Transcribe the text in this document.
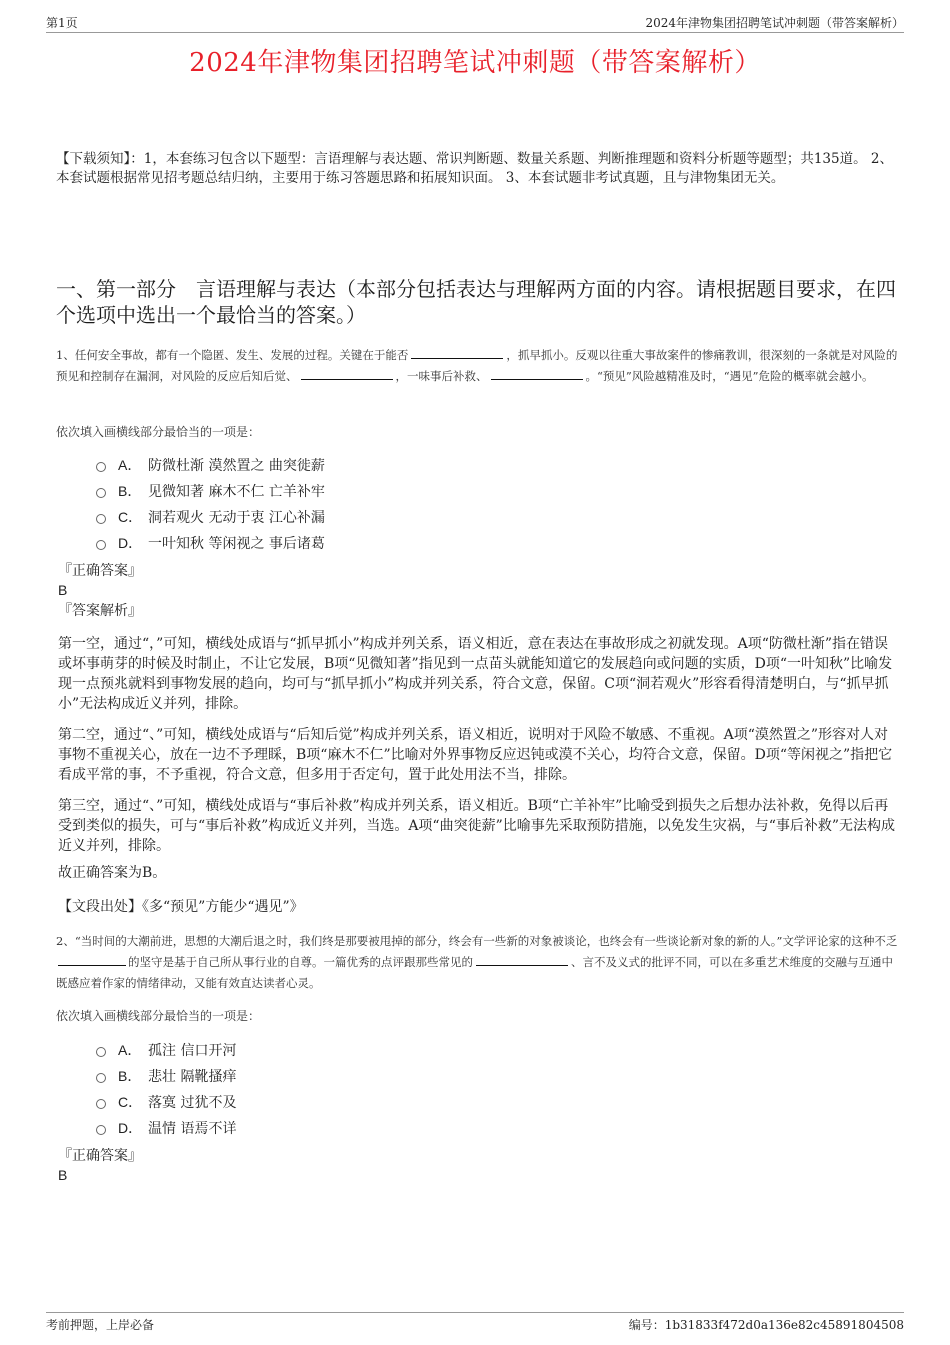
第1页	2024年津物集团招聘笔试冲刺题（带答案解析）
2024年津物集团招聘笔试冲刺题（带答案解析）
【下载须知】：1，本套练习包含以下题型：言语理解与表达题、常识判断题、数量关系题、判断推理题和资料分析题等题型；共135道。 2、本套试题根据常见招考题总结归纳，主要用于练习答题思路和拓展知识面。 3、本套试题非考试真题，且与津物集团无关。
一、第一部分　言语理解与表达（本部分包括表达与理解两方面的内容。请根据题目要求，在四个选项中选出一个最恰当的答案。）
1、任何安全事故，都有一个隐匿、发生、发展的过程。关键在于能否	，抓早抓小。反观以往重大事故案件的惨痛教训，很深刻的一条就是对风险的预见和控制存在漏洞，对风险的反应后知后觉、	，一味事后补救、	。“预见”风险越精准及时，“遇见”危险的概率就会越小。
依次填入画横线部分最恰当的一项是：
A． 防微杜渐 漠然置之 曲突徙薪
B． 见微知著 麻木不仁 亡羊补牢
C． 洞若观火 无动于衷 江心补漏
D． 一叶知秋 等闲视之 事后诸葛
『正确答案』
B
『答案解析』
第一空，通过“，”可知，横线处成语与“抓早抓小”构成并列关系，语义相近，意在表达在事故形成之初就发现。A项“防微杜渐”指在错误或坏事萌芽的时候及时制止，不让它发展，B项“见微知著”指见到一点苗头就能知道它的发展趋向或问题的实质，D项“一叶知秋”比喻发现一点预兆就料到事物发展的趋向，均可与“抓早抓小”构成并列关系，符合文意，保留。C项“洞若观火”形容看得清楚明白，与“抓早抓小”无法构成近义并列，排除。
第二空，通过“、”可知，横线处成语与“后知后觉”构成并列关系，语义相近，说明对于风险不敏感、不重视。A项“漠然置之”形容对人对事物不重视关心，放在一边不予理睬，B项“麻木不仁”比喻对外界事物反应迟钝或漠不关心，均符合文意，保留。D项“等闲视之”指把它看成平常的事，不予重视，符合文意，但多用于否定句，置于此处用法不当，排除。
第三空，通过“、”可知，横线处成语与“事后补救”构成并列关系，语义相近。B项“亡羊补牢”比喻受到损失之后想办法补救，免得以后再受到类似的损失，可与“事后补救”构成近义并列，当选。A项“曲突徙薪”比喻事先采取预防措施，以免发生灾祸，与“事后补救”无法构成近义并列，排除。
故正确答案为B。
【文段出处】《多“预见”方能少“遇见”》
2、“当时间的大潮前进，思想的大潮后退之时，我们终是那要被甩掉的部分，终会有一些新的对象被谈论，也终会有一些谈论新对象的新的人。”文学评论家的这种不乏的坚守是基于自己所从事行业的自尊。一篇优秀的点评跟那些常见的	、言不及义式的批评不同，可以在多重艺术维度的交融与互通中既感应着作家的情绪律动，又能有效直达读者心灵。
依次填入画横线部分最恰当的一项是：
A． 孤注 信口开河
B． 悲壮 隔靴搔痒
C． 落寞 过犹不及
D． 温情 语焉不详
『正确答案』
B
考前押题，上岸必备	编号：1b31833f472d0a136e82c45891804508
